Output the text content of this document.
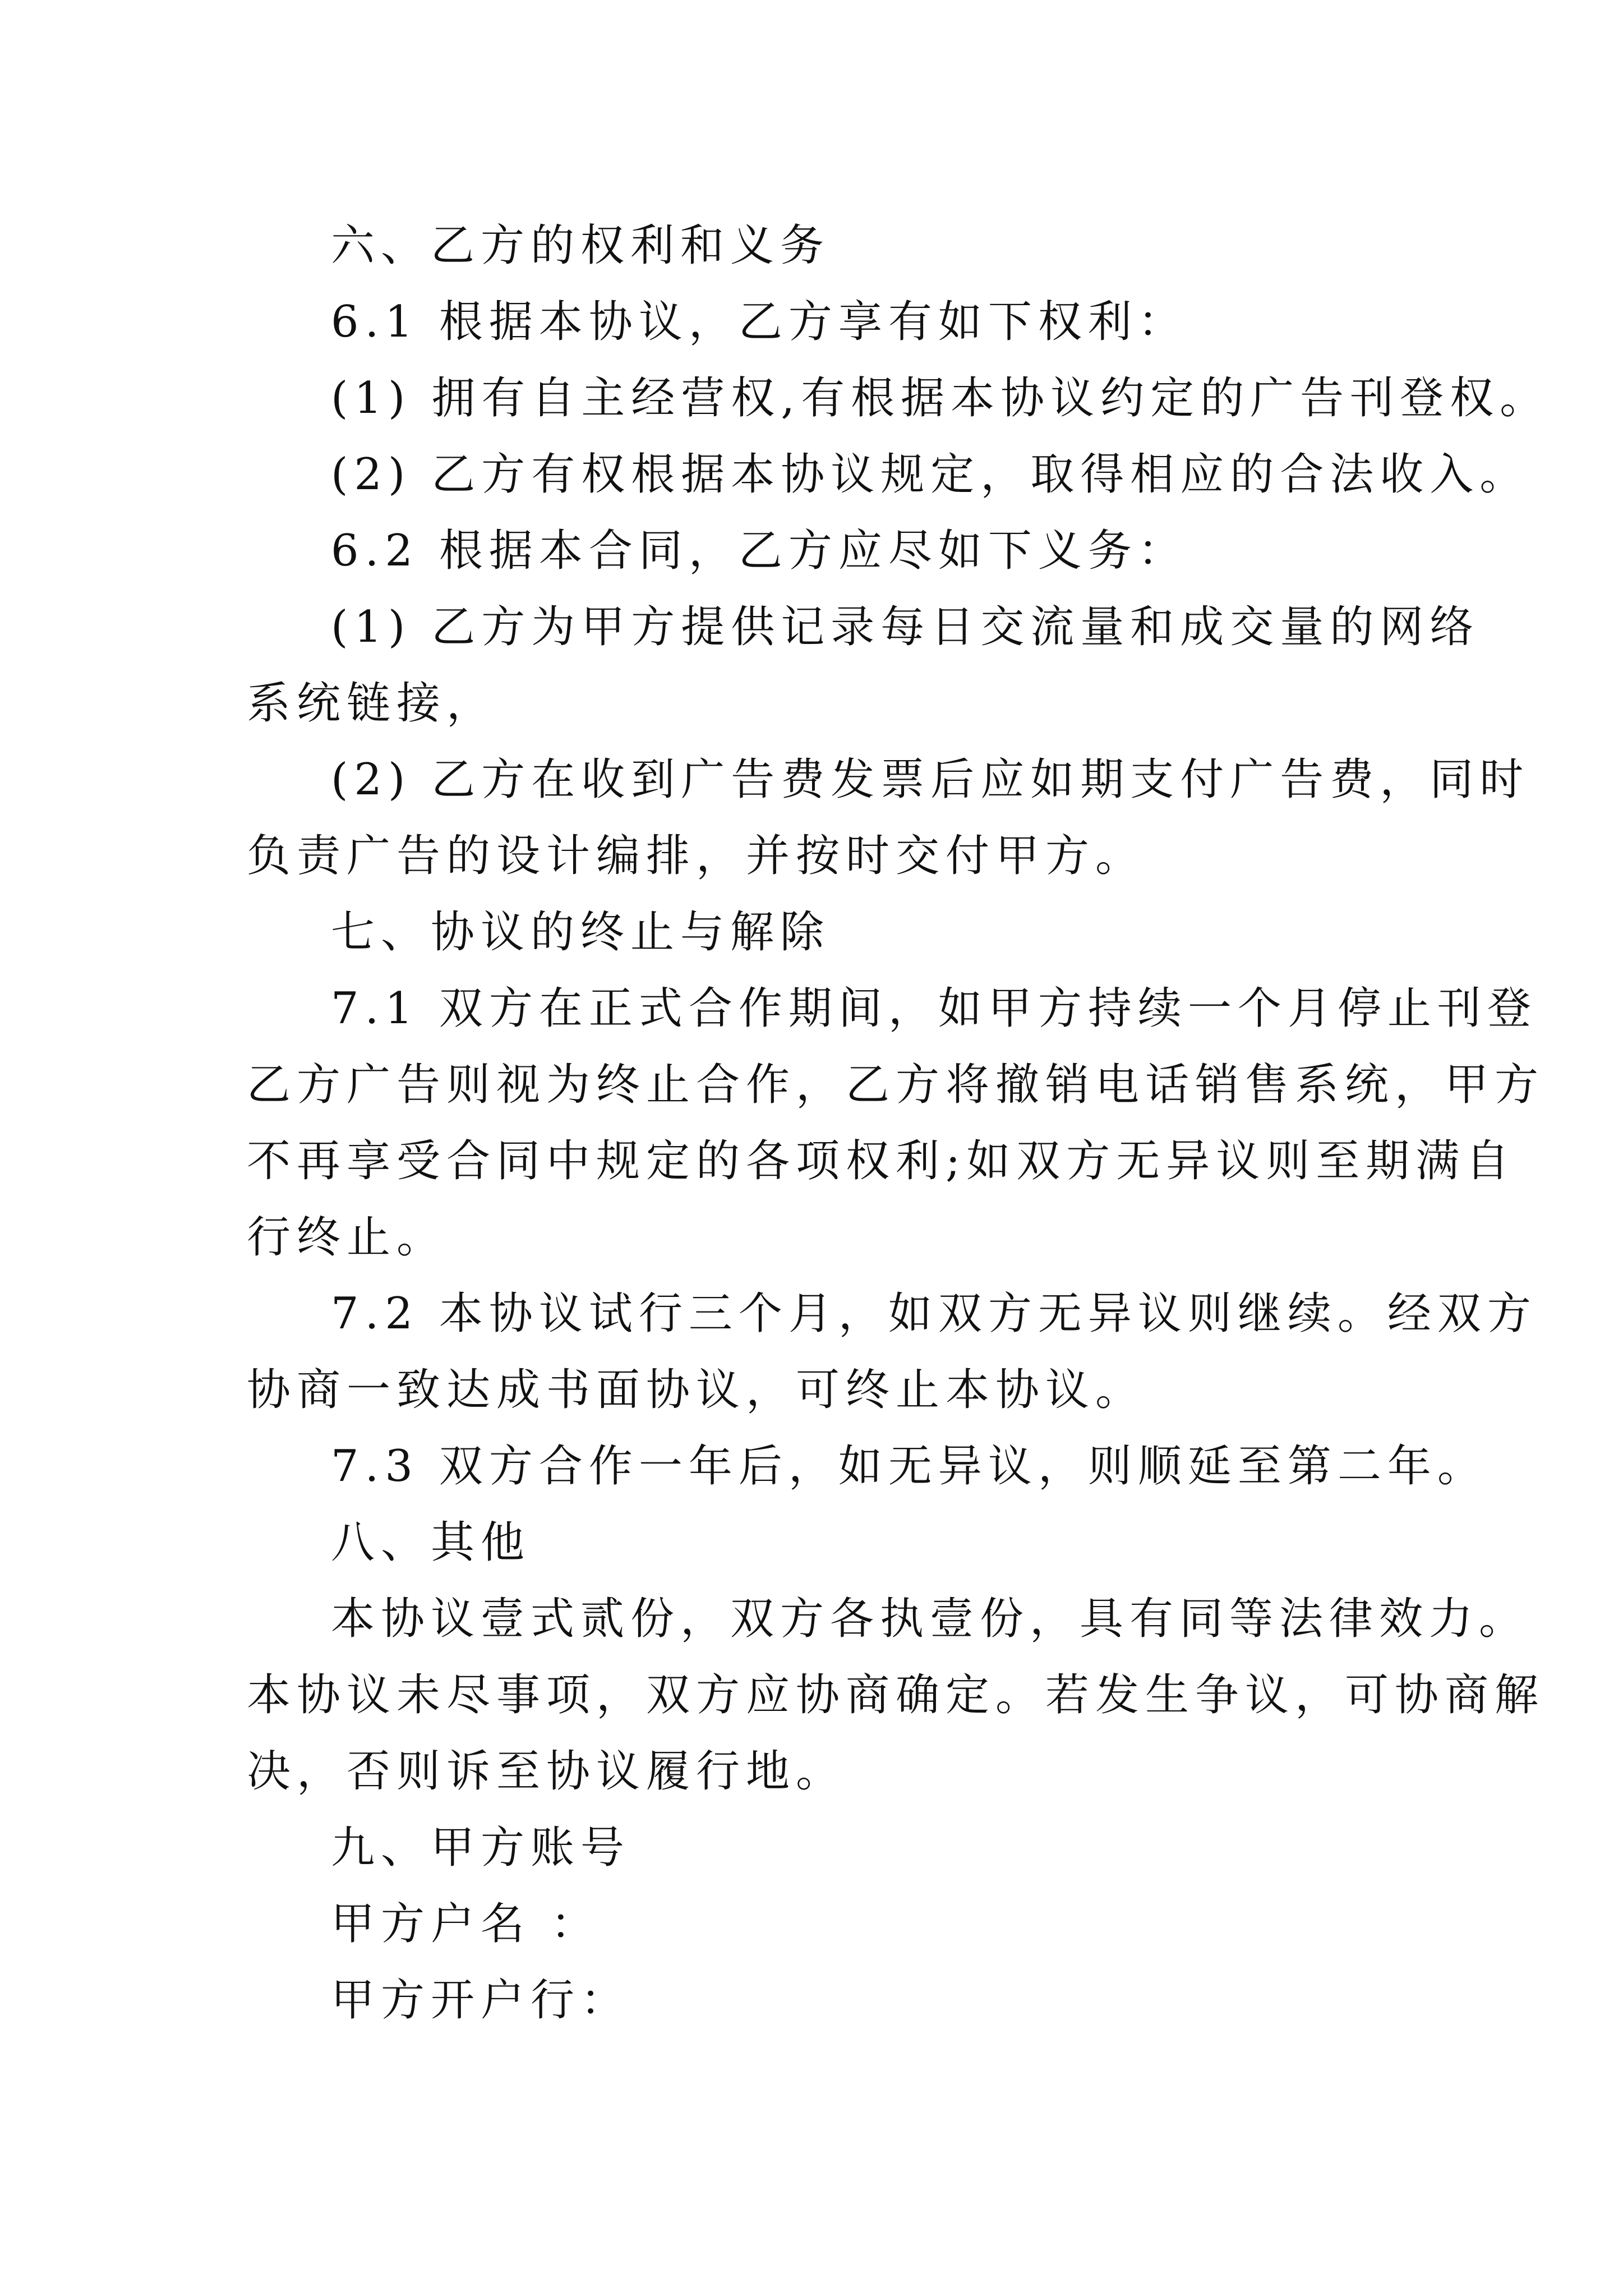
六、乙方的权利和义务
6.1 根据本协议，乙方享有如下权利：
(1) 拥有自主经营权,有根据本协议约定的广告刊登权。
(2) 乙方有权根据本协议规定，取得相应的合法收入。
6.2 根据本合同，乙方应尽如下义务：
(1) 乙方为甲方提供记录每日交流量和成交量的网络
系统链接，
(2) 乙方在收到广告费发票后应如期支付广告费，同时
负责广告的设计编排，并按时交付甲方。
七、协议的终止与解除
7.1 双方在正式合作期间，如甲方持续一个月停止刊登
乙方广告则视为终止合作，乙方将撤销电话销售系统，甲方
不再享受合同中规定的各项权利;如双方无异议则至期满自
行终止。
7.2 本协议试行三个月，如双方无异议则继续。经双方
协商一致达成书面协议，可终止本协议。
7.3 双方合作一年后，如无异议，则顺延至第二年。
八、其他
本协议壹式贰份，双方各执壹份，具有同等法律效力。
本协议未尽事项，双方应协商确定。若发生争议，可协商解
决，否则诉至协议履行地。
九、甲方账号
甲方户名 ：
甲方开户行：
